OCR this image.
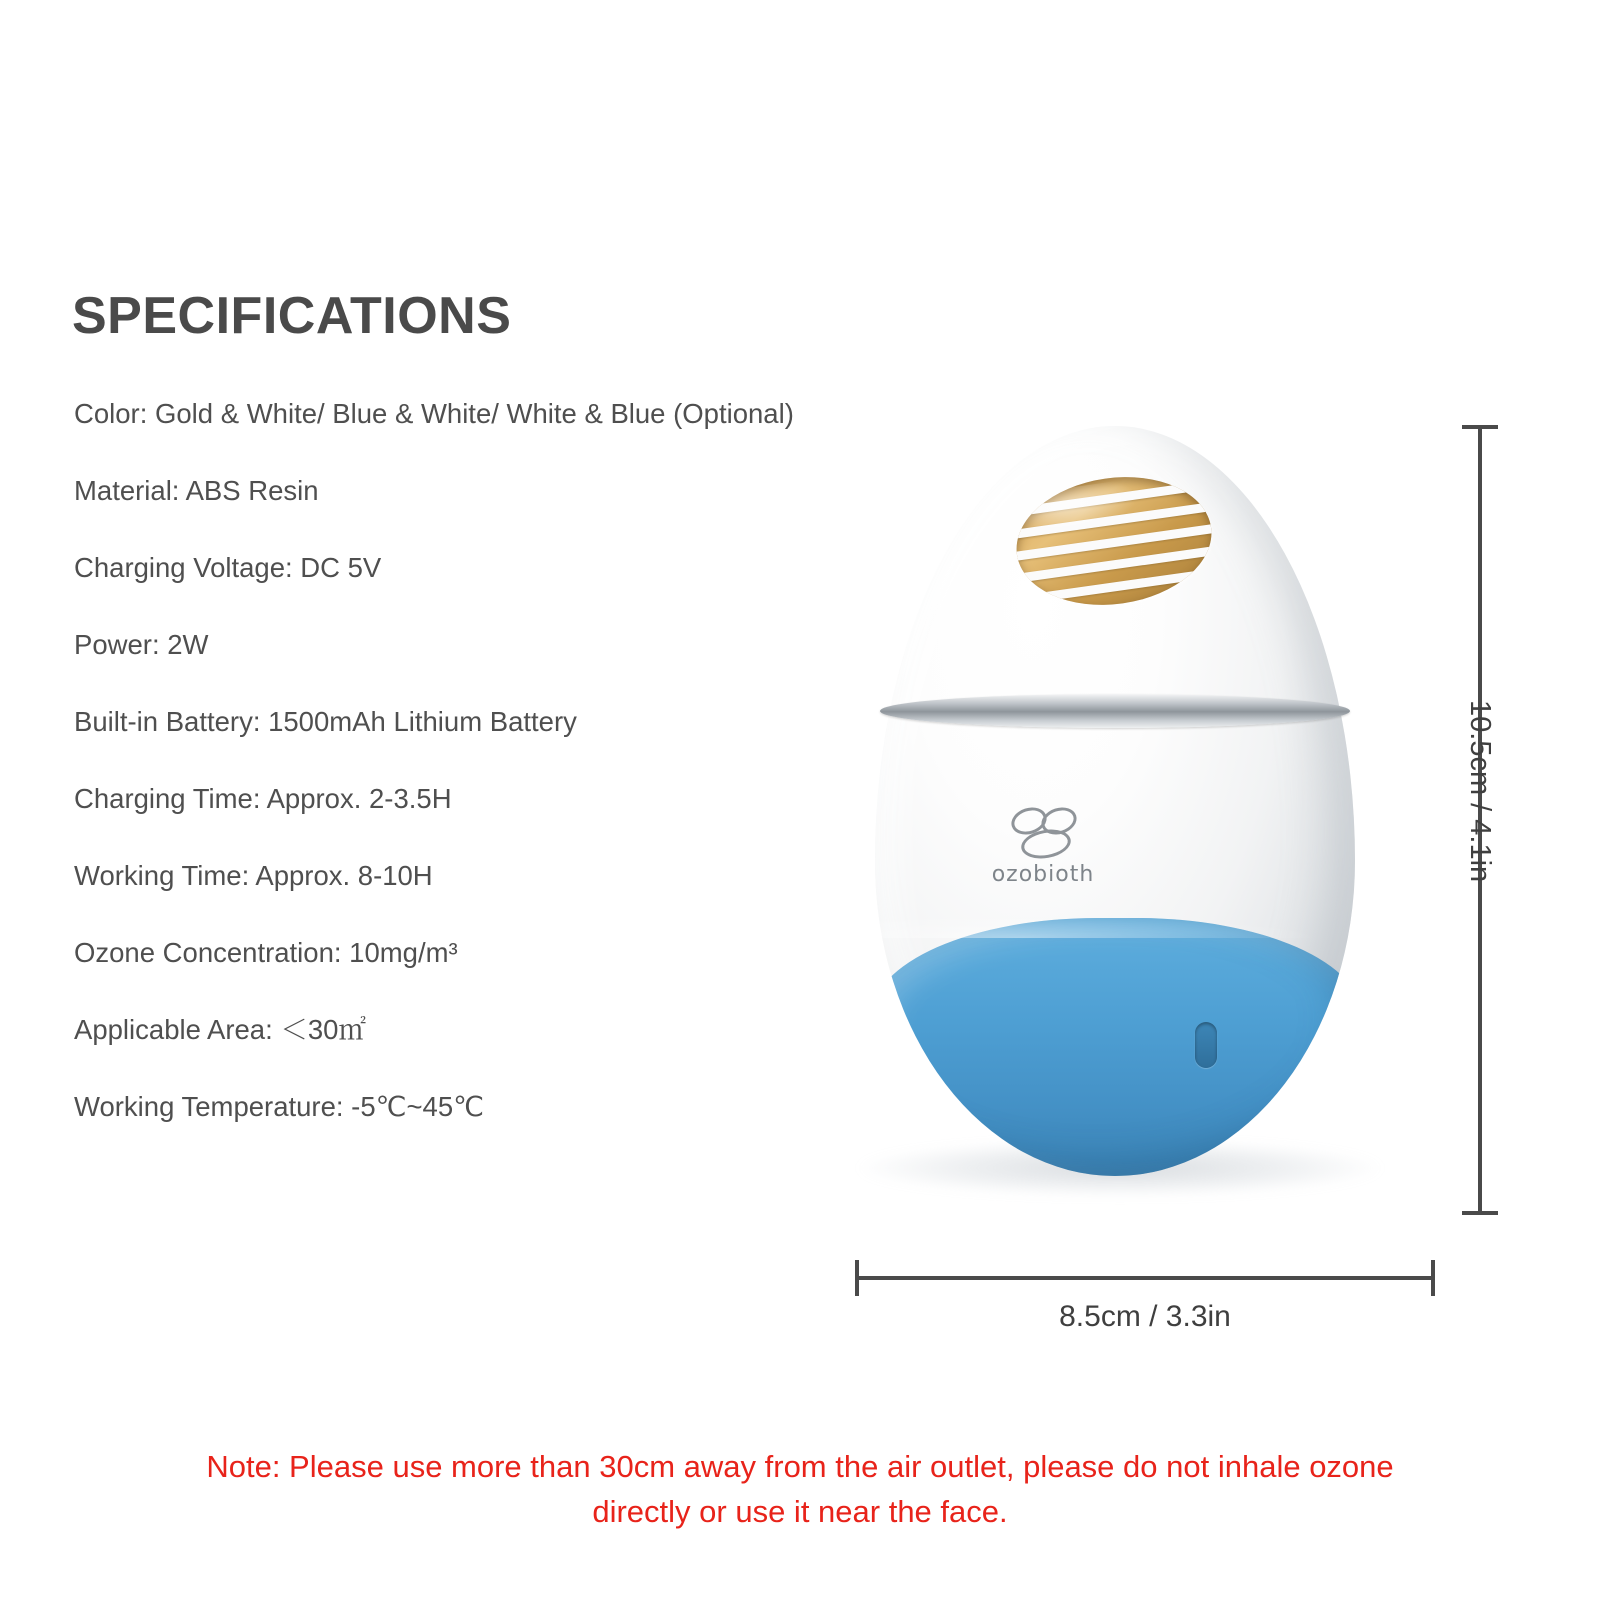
SPECIFICATIONS
Color: Gold & White/ Blue & White/ White & Blue (Optional)
Material: ABS Resin
Charging Voltage: DC 5V
Power: 2W
Built-in Battery: 1500mAh Lithium Battery
Charging Time: Approx. 2-3.5H
Working Time: Approx. 8-10H
Ozone Concentration: 10mg/m³
Applicable Area: ＜30㎡
Working Temperature: -5℃~45℃
ozobioth	10.5cm / 4.1in
8.5cm / 3.3in
Note: Please use more than 30cm away from the air outlet, please do not inhale ozone directly or use it near the face.
